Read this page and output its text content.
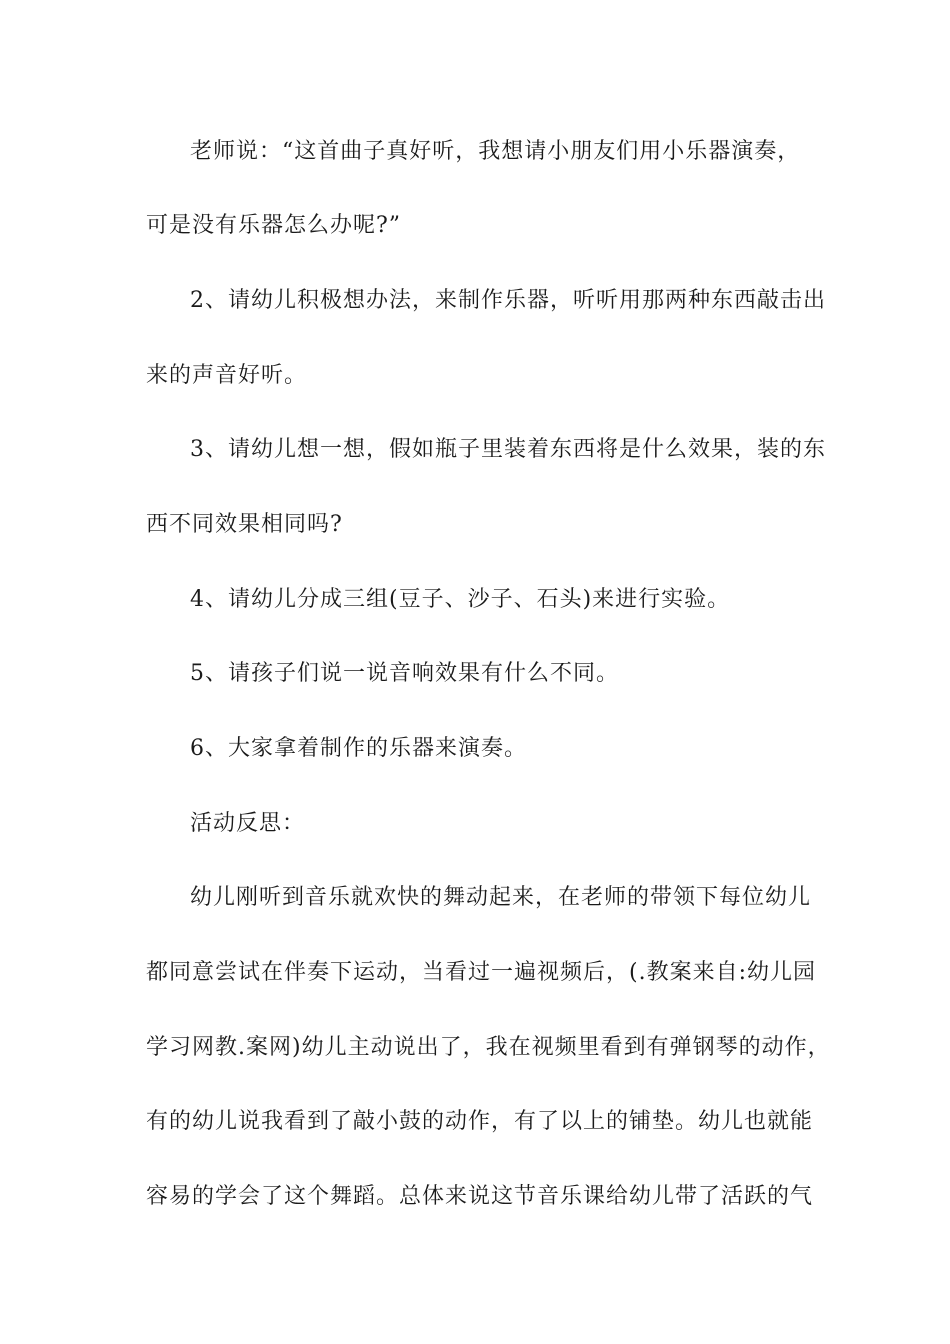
老师说：“这首曲子真好听，我想请小朋友们用小乐器演奏，
可是没有乐器怎么办呢?”
2、请幼儿积极想办法，来制作乐器，听听用那两种东西敲击出
来的声音好听。
3、请幼儿想一想，假如瓶子里装着东西将是什么效果，装的东
西不同效果相同吗?
4、请幼儿分成三组(豆子、沙子、石头)来进行实验。
5、请孩子们说一说音响效果有什么不同。
6、大家拿着制作的乐器来演奏。
活动反思：
幼儿刚听到音乐就欢快的舞动起来，在老师的带领下每位幼儿
都同意尝试在伴奏下运动，当看过一遍视频后，(.教案来自:幼儿园
学习网教.案网)幼儿主动说出了，我在视频里看到有弹钢琴的动作，
有的幼儿说我看到了敲小鼓的动作，有了以上的铺垫。幼儿也就能
容易的学会了这个舞蹈。总体来说这节音乐课给幼儿带了活跃的气
